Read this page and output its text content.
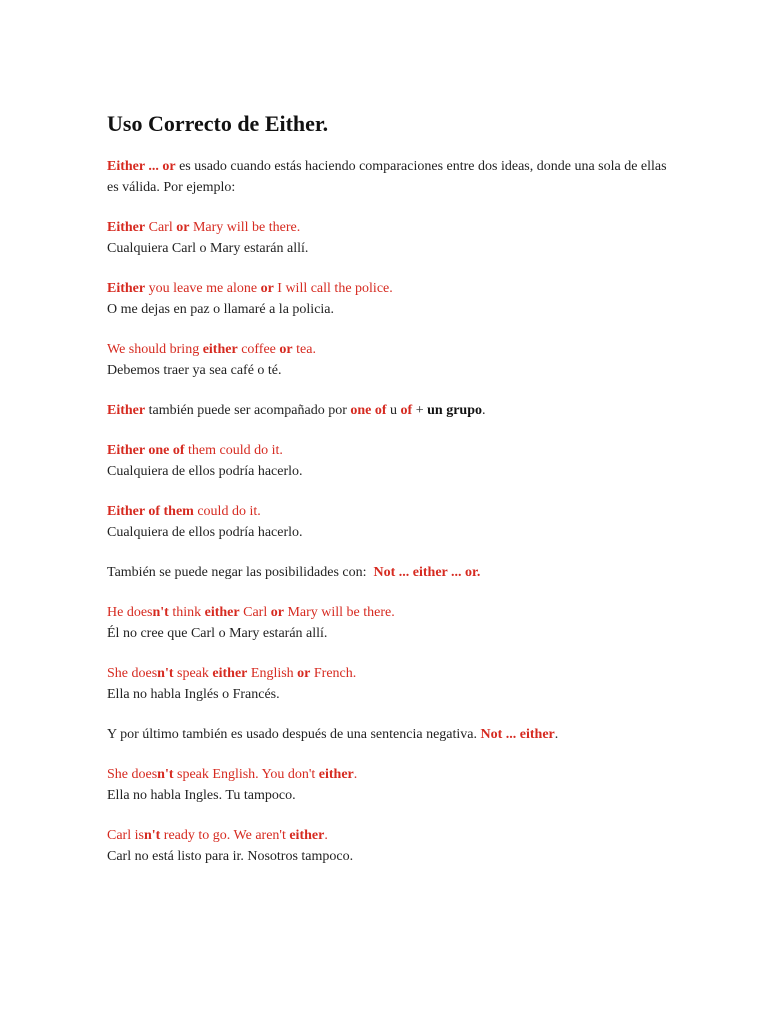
Uso Correcto de Either.

Either ... or es usado cuando estás haciendo comparaciones entre dos ideas, donde una sola de ellas es válida. Por ejemplo:

Either Carl or Mary will be there.

Cualquiera Carl o Mary estarán allí.

Either you leave me alone or I will call the police.

O me dejas en paz o llamaré a la policia.

We should bring either coffee or tea.

Debemos traer ya sea café o té.

Either también puede ser acompañado por one of u of + un grupo.

Either one of them could do it.

Cualquiera de ellos podría hacerlo.

Either of them could do it.

Cualquiera de ellos podría hacerlo.

También se puede negar las posibilidades con:  Not ... either ... or.

He doesn't think either Carl or Mary will be there.

Él no cree que Carl o Mary estarán allí.

She doesn't speak either English or French.

Ella no habla Inglés o Francés.

Y por último también es usado después de una sentencia negativa. Not ... either.

She doesn't speak English. You don't either.

Ella no habla Ingles. Tu tampoco.

Carl isn't ready to go. We aren't either.

Carl no está listo para ir. Nosotros tampoco.
